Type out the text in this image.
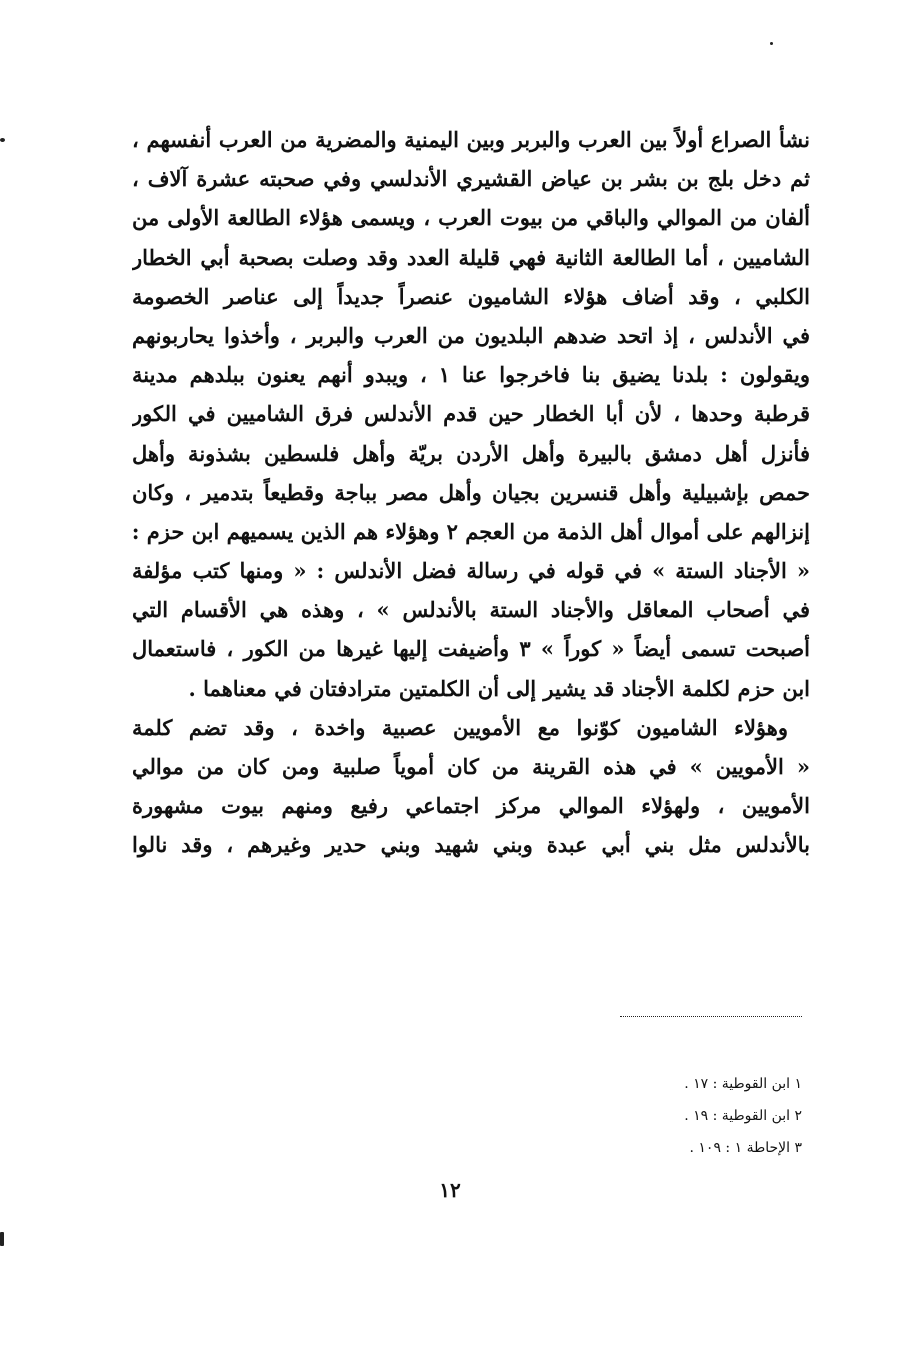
نشأ الصراع أولاً بين العرب والبربر وبين اليمنية والمضرية من العرب أنفسهم ،
ثم دخل بلج بن بشر بن عياض القشيري الأندلسي وفي صحبته عشرة آلاف ،
ألفان من الموالي والباقي من بيوت العرب ، ويسمى هؤلاء الطالعة الأولى من
الشاميين ، أما الطالعة الثانية فهي قليلة العدد وقد وصلت بصحبة أبي الخطار
الكلبي ، وقد أضاف هؤلاء الشاميون عنصراً جديداً إلى عناصر الخصومة
في الأندلس ، إذ اتحد ضدهم البلديون من العرب والبربر ، وأخذوا يحاربونهم
ويقولون : بلدنا يضيق بنا فاخرجوا عنا ١ ، ويبدو أنهم يعنون ببلدهم مدينة
قرطبة وحدها ، لأن أبا الخطار حين قدم الأندلس فرق الشاميين في الكور
فأنزل أهل دمشق بالبيرة وأهل الأردن بريّة وأهل فلسطين بشذونة وأهل
حمص بإشبيلية وأهل قنسرين بجيان وأهل مصر بباجة وقطيعاً بتدمير ، وكان
إنزالهم على أموال أهل الذمة من العجم ٢ وهؤلاء هم الذين يسميهم ابن حزم :
« الأجناد الستة » في قوله في رسالة فضل الأندلس : « ومنها كتب مؤلفة
في أصحاب المعاقل والأجناد الستة بالأندلس » ، وهذه هي الأقسام التي
أصبحت تسمى أيضاً « كوراً » ٣ وأضيفت إليها غيرها من الكور ، فاستعمال
ابن حزم لكلمة الأجناد قد يشير إلى أن الكلمتين مترادفتان في معناهما .
وهؤلاء الشاميون كوّنوا مع الأمويين عصبية واخدة ، وقد تضم كلمة
« الأمويين » في هذه القرينة من كان أموياً صلبية ومن كان من موالي
الأمويين ، ولهؤلاء الموالي مركز اجتماعي رفيع ومنهم بيوت مشهورة
بالأندلس مثل بني أبي عبدة وبني شهيد وبني حدير وغيرهم ، وقد نالوا
١ ابن القوطية : ١٧ .
٢ ابن القوطية : ١٩ .
٣ الإحاطة ١ : ١٠٩ .
١٢
